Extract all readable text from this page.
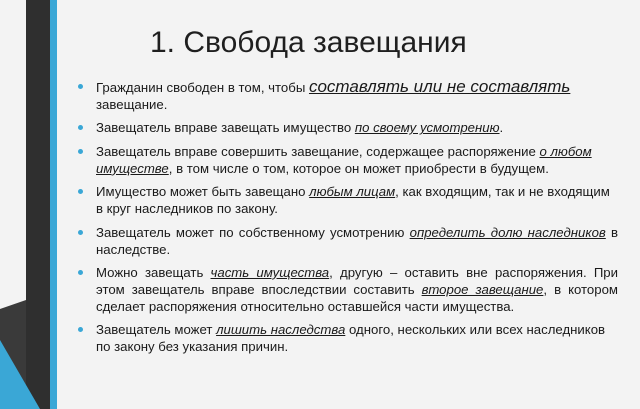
1. Свобода завещания
Гражданин свободен в том, чтобы составлять или не составлять завещание.
Завещатель вправе завещать имущество по своему усмотрению.
Завещатель вправе совершить завещание, содержащее распоряжение о любом имуществе, в том числе о том, которое он может приобрести в будущем.
Имущество может быть завещано любым лицам, как входящим, так и не входящим в круг наследников по закону.
Завещатель может по собственному усмотрению определить долю наследников в наследстве.
Можно завещать часть имущества, другую – оставить вне распоряжения. При этом завещатель вправе впоследствии составить второе завещание, в котором сделает распоряжения относительно оставшейся части имущества.
Завещатель может лишить наследства одного, нескольких или всех наследников по закону без указания причин.
